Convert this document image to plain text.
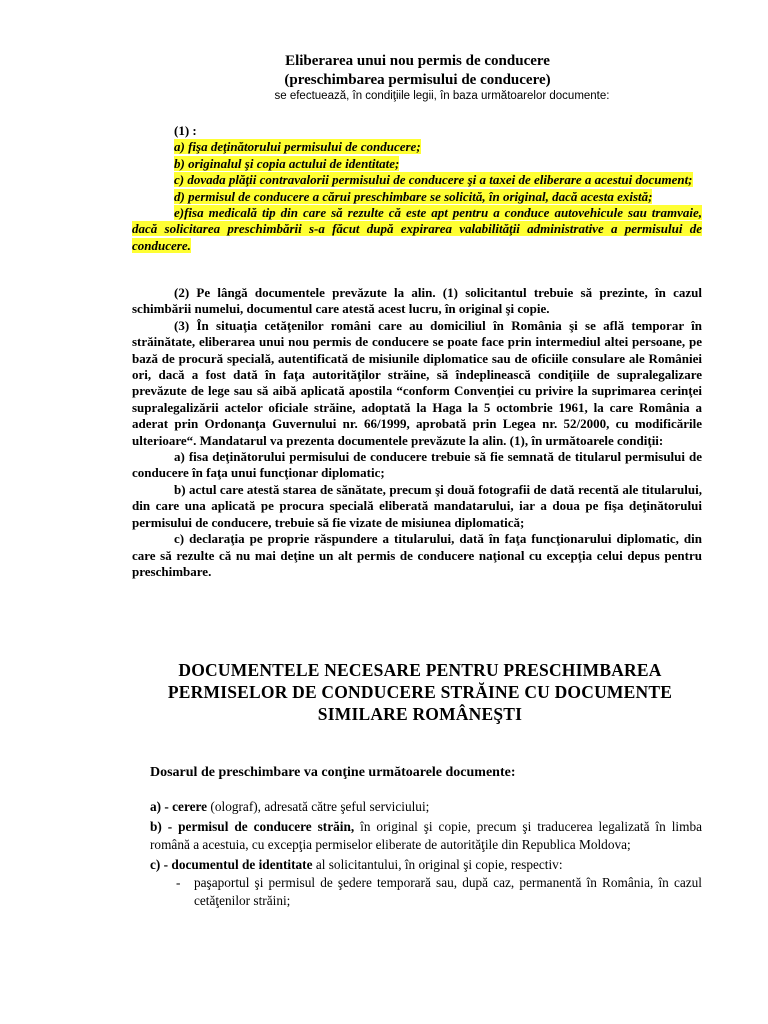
Eliberarea unui nou permis de conducere
(preschimbarea permisului de conducere)
se efectuează, în condiţiile legii, în baza următoarelor documente:
(1) :
a) fişa deţinătorului permisului de conducere;
b) originalul şi copia actului de identitate;
c) dovada plăţii contravalorii permisului de conducere şi a taxei de eliberare a acestui document;
d) permisul de conducere a cărui preschimbare se solicită, în original, dacă acesta există;
e)fisa medicală tip din care să rezulte că este apt pentru a conduce autovehicule sau tramvaie, dacă solicitarea preschimbării s-a făcut după expirarea valabilităţii administrative a permisului de conducere.
(2) Pe lângă documentele prevăzute la alin. (1) solicitantul trebuie să prezinte, în cazul schimbării numelui, documentul care atestă acest lucru, în original şi copie.
(3) În situaţia cetăţenilor români care au domiciliul în România şi se află temporar în străinătate, eliberarea unui nou permis de conducere se poate face prin intermediul altei persoane, pe bază de procură specială, autentificată de misiunile diplomatice sau de oficiile consulare ale României ori, dacă a fost dată în faţa autorităţilor străine, să îndeplinească condiţiile de supralegalizare prevăzute de lege sau să aibă aplicată apostila “conform Convenţiei cu privire la suprimarea cerinţei supralegalizării actelor oficiale străine, adoptată la Haga la 5 octombrie 1961, la care România a aderat prin Ordonanţa Guvernului nr. 66/1999, aprobată prin Legea nr. 52/2000, cu modificările ulterioare“. Mandatarul va prezenta documentele prevăzute la alin. (1), în următoarele condiţii:
a) fisa deţinătorului permisului de conducere trebuie să fie semnată de titularul permisului de conducere în faţa unui funcţionar diplomatic;
b) actul care atestă starea de sănătate, precum şi două fotografii de dată recentă ale titularului, din care una aplicată pe procura specială eliberată mandatarului, iar a doua pe fişa deţinătorului permisului de conducere, trebuie să fie vizate de misiunea diplomatică;
c) declaraţia pe proprie răspundere a titularului, dată în faţa funcţionarului diplomatic, din care să rezulte că nu mai deţine un alt permis de conducere naţional cu excepţia celui depus pentru preschimbare.
DOCUMENTELE NECESARE PENTRU PRESCHIMBAREA
PERMISELOR DE CONDUCERE STRĂINE CU DOCUMENTE
SIMILARE ROMÂNEŞTI
Dosarul de preschimbare va conţine următoarele documente:
a) - cerere (olograf), adresată către şeful serviciului;
b) - permisul de conducere străin, în original şi copie, precum şi traducerea legalizată în limba română a acestuia, cu excepţia permiselor eliberate de autorităţile din Republica Moldova;
c) - documentul de identitate al solicitantului, în original şi copie, respectiv:
- paşaportul şi permisul de şedere temporară sau, după caz, permanentă în România, în cazul cetăţenilor străini;
